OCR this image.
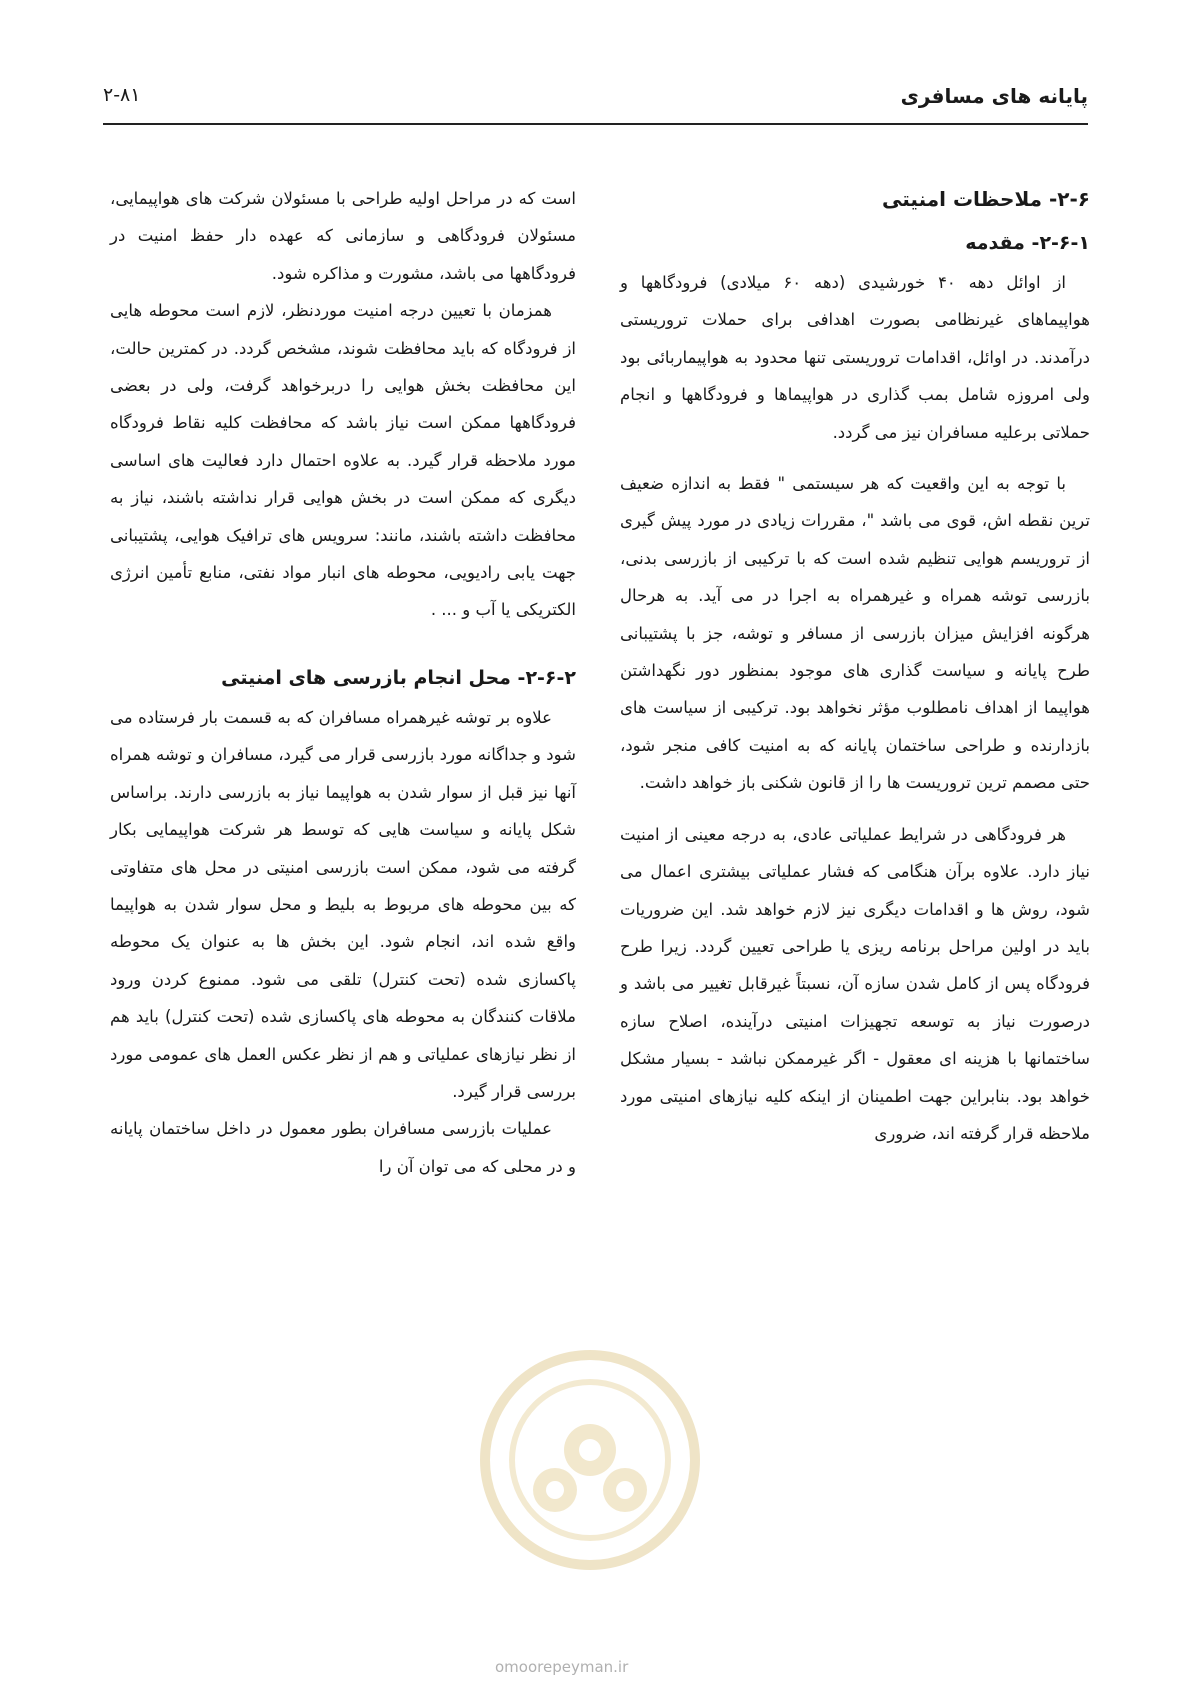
پایانه های مسافری
۲-۸۱
۲-۶- ملاحظات امنیتی
۲-۶-۱- مقدمه

از اوائل دهه ۴۰ خورشیدی (دهه ۶۰ میلادی) فرودگاهها و هواپیماهای غیرنظامی بصورت اهدافی برای حملات تروریستی درآمدند. در اوائل، اقدامات تروریستی تنها محدود به هواپیماربائی بود ولی امروزه شامل بمب گذاری در هواپیماها و فرودگاهها و انجام حملاتی برعلیه مسافران نیز می گردد.

با توجه به این واقعیت که هر سیستمی " فقط به اندازه ضعیف ترین نقطه اش، قوی می باشد "، مقررات زیادی در مورد پیش گیری از تروریسم هوایی تنظیم شده است که با ترکیبی از بازرسی بدنی، بازرسی توشه همراه و غیرهمراه به اجرا در می آید. به هرحال هرگونه افزایش میزان بازرسی از مسافر و توشه، جز با پشتیبانی طرح پایانه و سیاست گذاری های موجود بمنظور دور نگهداشتن هواپیما از اهداف نامطلوب مؤثر نخواهد بود. ترکیبی از سیاست های بازدارنده و طراحی ساختمان پایانه که به امنیت کافی منجر شود، حتی مصمم ترین تروریست ها را از قانون شکنی باز خواهد داشت.

هر فرودگاهی در شرایط عملیاتی عادی، به درجه معینی از امنیت نیاز دارد. علاوه برآن هنگامی که فشار عملیاتی بیشتری اعمال می شود، روش ها و اقدامات دیگری نیز لازم خواهد شد. این ضروریات باید در اولین مراحل برنامه ریزی یا طراحی تعیین گردد. زیرا طرح فرودگاه پس از کامل شدن سازه آن، نسبتاً غیرقابل تغییر می باشد و درصورت نیاز به توسعه تجهیزات امنیتی درآینده، اصلاح سازه ساختمانها با هزینه ای معقول - اگر غیرممکن نباشد - بسیار مشکل خواهد بود. بنابراین جهت اطمینان از اینکه کلیه نیازهای امنیتی مورد ملاحظه قرار گرفته اند، ضروری

است که در مراحل اولیه طراحی با مسئولان شرکت های هواپیمایی، مسئولان فرودگاهی و سازمانی که عهده دار حفظ امنیت در فرودگاهها می باشد، مشورت و مذاکره شود.

همزمان با تعیین درجه امنیت موردنظر، لازم است محوطه هایی از فرودگاه که باید محافظت شوند، مشخص گردد. در کمترین حالت، این محافظت بخش هوایی را دربرخواهد گرفت، ولی در بعضی فرودگاهها ممکن است نیاز باشد که محافظت کلیه نقاط فرودگاه مورد ملاحظه قرار گیرد. به علاوه احتمال دارد فعالیت های اساسی دیگری که ممکن است در بخش هوایی قرار نداشته باشند، نیاز به محافظت داشته باشند، مانند: سرویس های ترافیک هوایی، پشتیبانی جهت یابی رادیویی، محوطه های انبار مواد نفتی، منابع تأمین انرژی الکتریکی یا آب و ... .

۲-۶-۲- محل انجام بازرسی های امنیتی

علاوه بر توشه غیرهمراه مسافران که به قسمت بار فرستاده می شود و جداگانه مورد بازرسی قرار می گیرد، مسافران و توشه همراه آنها نیز قبل از سوار شدن به هواپیما نیاز به بازرسی دارند. براساس شکل پایانه و سیاست هایی که توسط هر شرکت هواپیمایی بکار گرفته می شود، ممکن است بازرسی امنیتی در محل های متفاوتی که بین محوطه های مربوط به بلیط و محل سوار شدن به هواپیما واقع شده اند، انجام شود. این بخش ها به عنوان یک محوطه پاکسازی شده (تحت کنترل) تلقی می شود. ممنوع کردن ورود ملاقات کنندگان به محوطه های پاکسازی شده (تحت کنترل) باید هم از نظر نیازهای عملیاتی و هم از نظر عکس العمل های عمومی مورد بررسی قرار گیرد.

عملیات بازرسی مسافران بطور معمول در داخل ساختمان پایانه و در محلی که می توان آن را

omoorepeyman.ir
